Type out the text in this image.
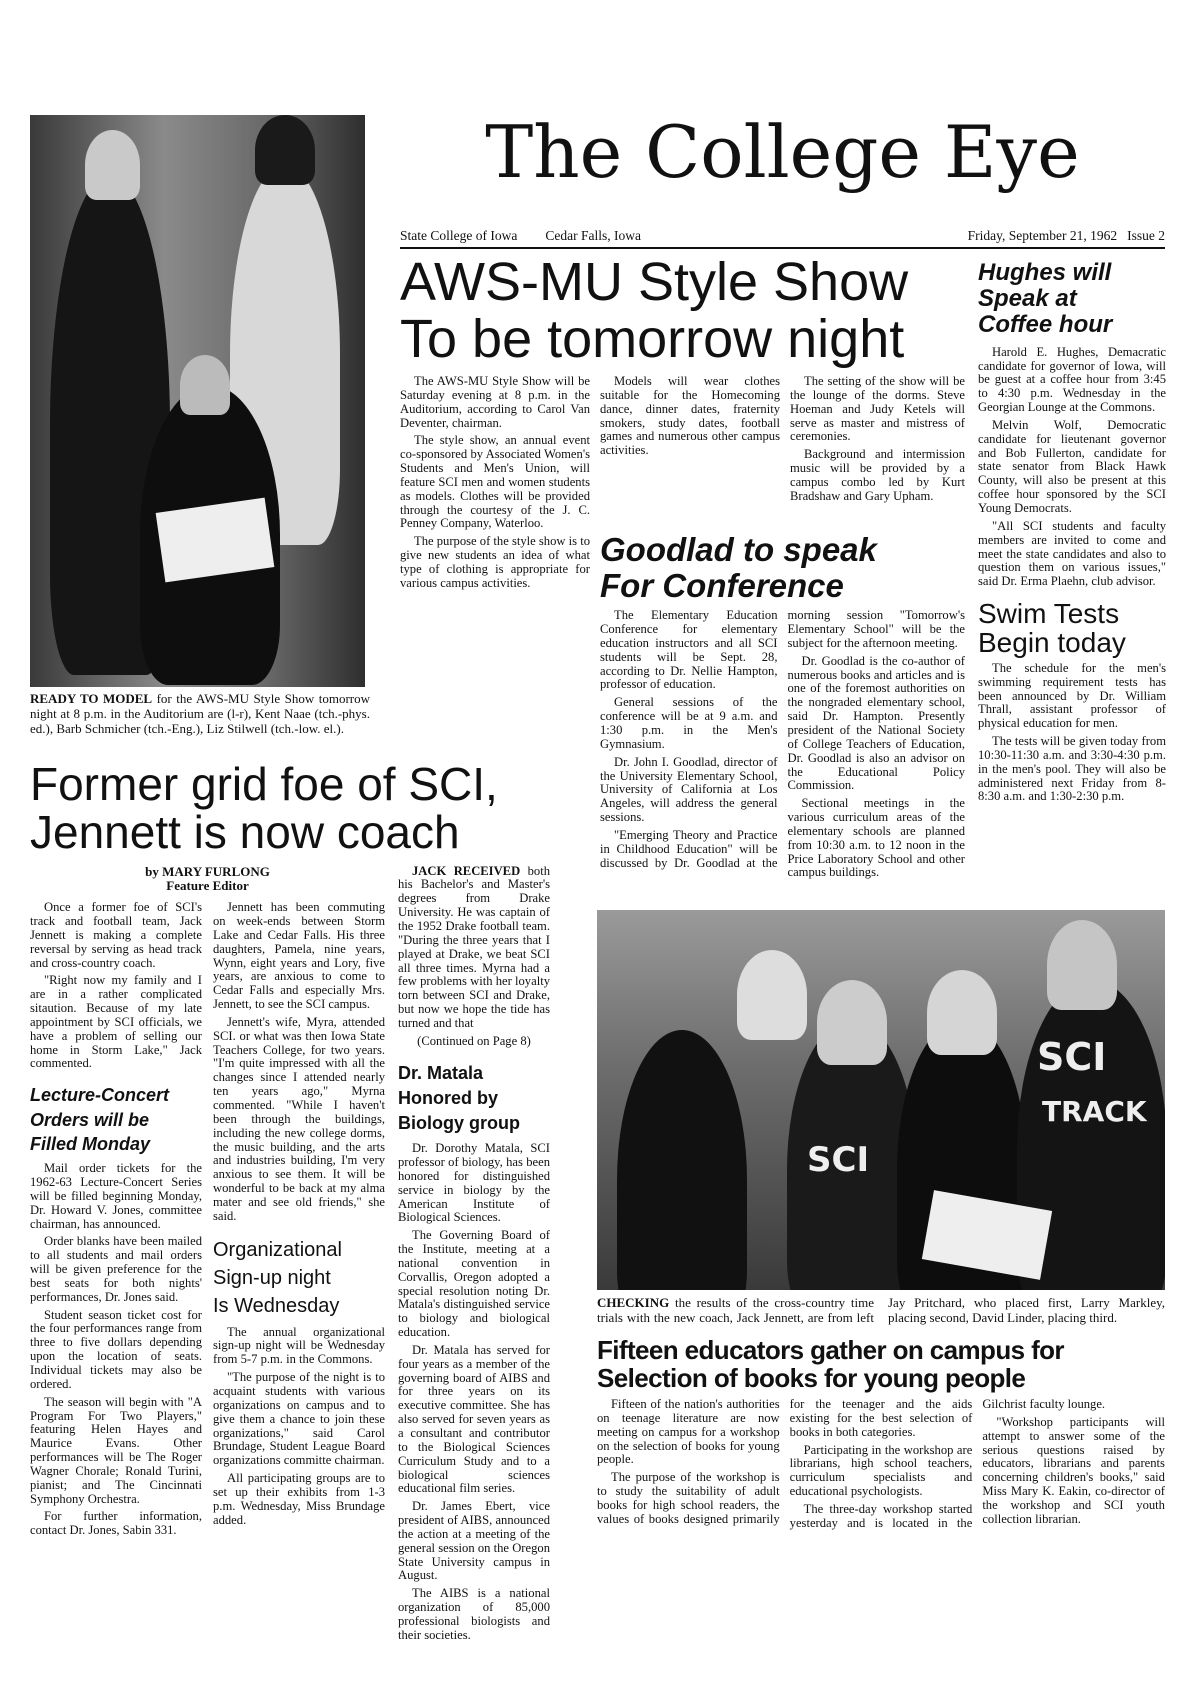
READY TO MODEL for the AWS-MU Style Show tomorrow night at 8 p.m. in the Auditorium are (l-r), Kent Naae (tch.-phys. ed.), Barb Schmicher (tch.-Eng.), Liz Stilwell (tch.-low. el.).
The College Eye
State College of Iowa Cedar Falls, Iowa	Friday, September 21, 1962 Issue 2
AWS-MU Style Show
To be tomorrow night

The AWS-MU Style Show will be Saturday evening at 8 p.m. in the Auditorium, according to Carol Van Deventer, chairman.

The style show, an annual event co-sponsored by Associated Women's Students and Men's Union, will feature SCI men and women students as models. Clothes will be provided through the courtesy of the J. C. Penney Company, Waterloo.

The purpose of the style show is to give new students an idea of what type of clothing is appropriate for various campus activities.

Models will wear clothes suitable for the Homecoming dance, dinner dates, fraternity smokers, study dates, football games and numerous other campus activities.

The setting of the show will be the lounge of the dorms. Steve Hoeman and Judy Ketels will serve as master and mistress of ceremonies.

Background and intermission music will be provided by a campus combo led by Kurt Bradshaw and Gary Upham.

Goodlad to speak
For Conference

The Elementary Education Conference for elementary education instructors and all SCI students will be Sept. 28, according to Dr. Nellie Hampton, professor of education.

General sessions of the conference will be at 9 a.m. and 1:30 p.m. in the Men's Gymnasium.

Dr. John I. Goodlad, director of the University Elementary School, University of California at Los Angeles, will address the general sessions.

"Emerging Theory and Practice in Childhood Education" will be discussed by Dr. Goodlad at the morning session "Tomorrow's Elementary School" will be the subject for the afternoon meeting.

Dr. Goodlad is the co-author of numerous books and articles and is one of the foremost authorities on the nongraded elementary school, said Dr. Hampton. Presently president of the National Society of College Teachers of Education, Dr. Goodlad is also an advisor on the Educational Policy Commission.

Sectional meetings in the various curriculum areas of the elementary schools are planned from 10:30 a.m. to 12 noon in the Price Laboratory School and other campus buildings.

Hughes will
Speak at
Coffee hour

Harold E. Hughes, Demacratic candidate for governor of Iowa, will be guest at a coffee hour from 3:45 to 4:30 p.m. Wednesday in the Georgian Lounge at the Commons.

Melvin Wolf, Democratic candidate for lieutenant governor and Bob Fullerton, candidate for state senator from Black Hawk County, will also be present at this coffee hour sponsored by the SCI Young Democrats.

"All SCI students and faculty members are invited to come and meet the state candidates and also to question them on various issues," said Dr. Erma Plaehn, club advisor.

Swim Tests
Begin today

The schedule for the men's swimming requirement tests has been announced by Dr. William Thrall, assistant professor of physical education for men.

The tests will be given today from 10:30-11:30 a.m. and 3:30-4:30 p.m. in the men's pool. They will also be administered next Friday from 8-8:30 a.m. and 1:30-2:30 p.m.

Former grid foe of SCI,
Jennett is now coach
by MARY FURLONG
Feature Editor

Once a former foe of SCI's track and football team, Jack Jennett is making a complete reversal by serving as head track and cross-country coach.

"Right now my family and I are in a rather complicated sitaution. Because of my late appointment by SCI officials, we have a problem of selling our home in Storm Lake," Jack commented.

Lecture-Concert
Orders will be
Filled Monday

Mail order tickets for the 1962-63 Lecture-Concert Series will be filled beginning Monday, Dr. Howard V. Jones, committee chairman, has announced.

Order blanks have been mailed to all students and mail orders will be given preference for the best seats for both nights' performances, Dr. Jones said.

Student season ticket cost for the four performances range from three to five dollars depending upon the location of seats. Individual tickets may also be ordered.

The season will begin with "A Program For Two Players," featuring Helen Hayes and Maurice Evans. Other performances will be The Roger Wagner Chorale; Ronald Turini, pianist; and The Cincinnati Symphony Orchestra.

For further information, contact Dr. Jones, Sabin 331.

Jennett has been commuting on week-ends between Storm Lake and Cedar Falls. His three daughters, Pamela, nine years, Wynn, eight years and Lory, five years, are anxious to come to Cedar Falls and especially Mrs. Jennett, to see the SCI campus.

Jennett's wife, Myra, attended SCI. or what was then Iowa State Teachers College, for two years. "I'm quite impressed with all the changes since I attended nearly ten years ago," Myrna commented. "While I haven't been through the buildings, including the new college dorms, the music building, and the arts and industries building, I'm very anxious to see them. It will be wonderful to be back at my alma mater and see old friends," she said.

Organizational
Sign-up night
Is Wednesday

The annual organizational sign-up night will be Wednesday from 5-7 p.m. in the Commons.

"The purpose of the night is to acquaint students with various organizations on campus and to give them a chance to join these organizations," said Carol Brundage, Student League Board organizations committe chairman.

All participating groups are to set up their exhibits from 1-3 p.m. Wednesday, Miss Brundage added.

JACK RECEIVED both his Bachelor's and Master's degrees from Drake University. He was captain of the 1952 Drake football team. "During the three years that I played at Drake, we beat SCI all three times. Myrna had a few problems with her loyalty torn between SCI and Drake, but now we hope the tide has turned and that

(Continued on Page 8)
Dr. Matala
Honored by
Biology group

Dr. Dorothy Matala, SCI professor of biology, has been honored for distinguished service in biology by the American Institute of Biological Sciences.

The Governing Board of the Institute, meeting at a national convention in Corvallis, Oregon adopted a special resolution noting Dr. Matala's distinguished service to biology and biological education.

Dr. Matala has served for four years as a member of the governing board of AIBS and for three years on its executive committee. She has also served for seven years as a consultant and contributor to the Biological Sciences Curriculum Study and to a biological sciences educational film series.

Dr. James Ebert, vice president of AIBS, announced the action at a meeting of the general session on the Oregon State University campus in August.

The AIBS is a national organization of 85,000 professional biologists and their societies.

SCI
SCI
TRACK
CHECKING the results of the cross-country time trials with the new coach, Jack Jennett, are from left Jay Pritchard, who placed first, Larry Markley, placing second, David Linder, placing third.
Fifteen educators gather on campus for
Selection of books for young people

Fifteen of the nation's authorities on teenage literature are now meeting on campus for a workshop on the selection of books for young people.

The purpose of the workshop is to study the suitability of adult books for high school readers, the values of books designed primarily for the teenager and the aids existing for the best selection of books in both categories.

Participating in the workshop are librarians, high school teachers, curriculum specialists and educational psychologists.

The three-day workshop started yesterday and is located in the Gilchrist faculty lounge.

"Workshop participants will attempt to answer some of the serious questions raised by educators, librarians and parents concerning children's books," said Miss Mary K. Eakin, co-director of the workshop and SCI youth collection librarian.
